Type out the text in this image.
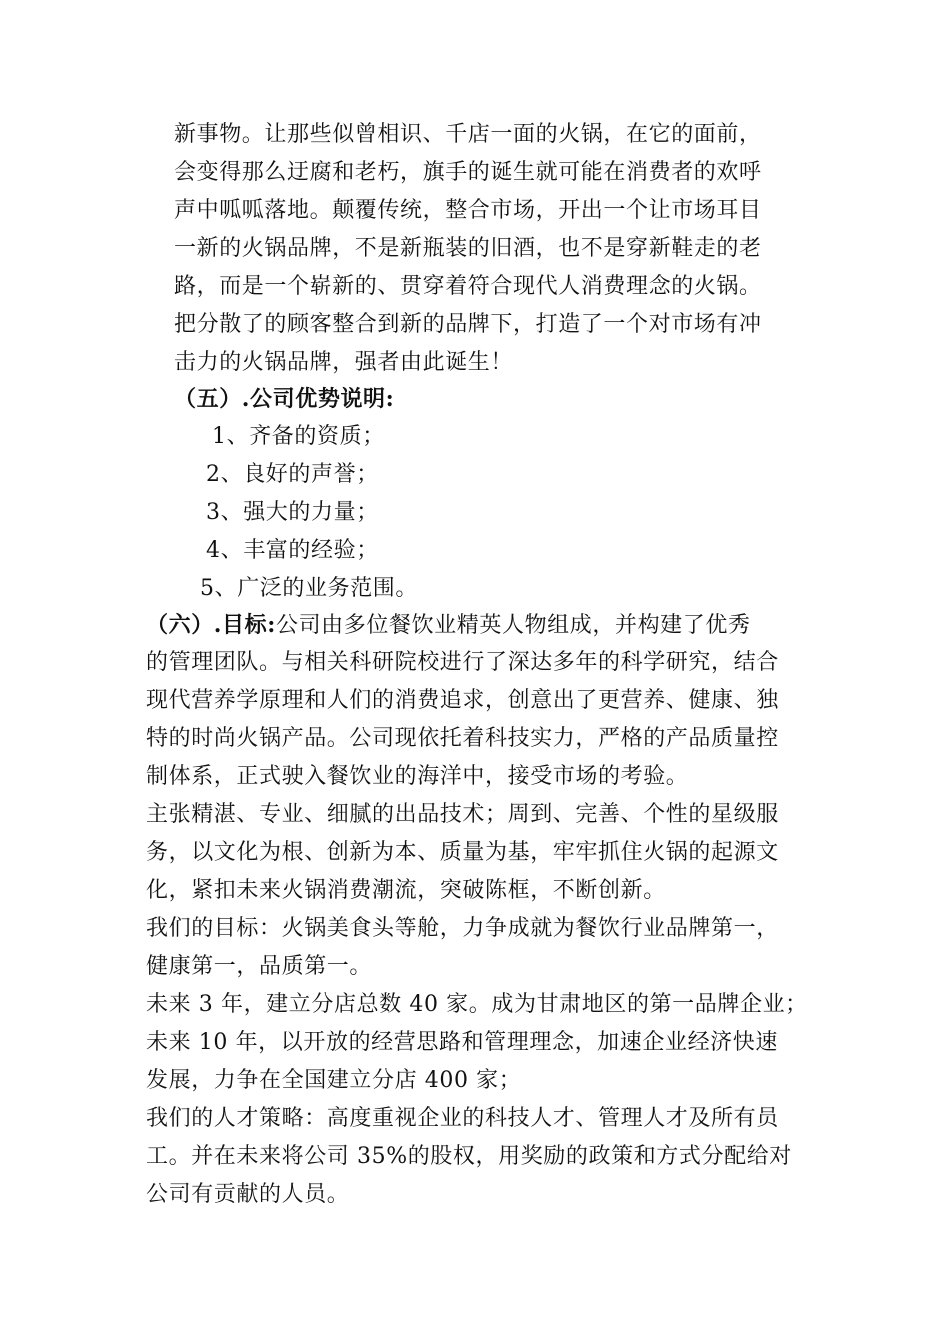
新事物。让那些似曾相识、千店一面的火锅，在它的面前，
会变得那么迂腐和老朽，旗手的诞生就可能在消费者的欢呼
声中呱呱落地。颠覆传统，整合市场，开出一个让市场耳目
一新的火锅品牌，不是新瓶装的旧酒，也不是穿新鞋走的老
路，而是一个崭新的、贯穿着符合现代人消费理念的火锅。
把分散了的顾客整合到新的品牌下，打造了一个对市场有冲
击力的火锅品牌，强者由此诞生！
（五）.公司优势说明:
1、齐备的资质；
2、良好的声誉；
3、强大的力量；
4、丰富的经验；
5、广泛的业务范围。
（六）.目标:公司由多位餐饮业精英人物组成，并构建了优秀
的管理团队。与相关科研院校进行了深达多年的科学研究，结合
现代营养学原理和人们的消费追求，创意出了更营养、健康、独
特的时尚火锅产品。公司现依托着科技实力，严格的产品质量控
制体系，正式驶入餐饮业的海洋中，接受市场的考验。
主张精湛、专业、细腻的出品技术；周到、完善、个性的星级服
务，以文化为根、创新为本、质量为基，牢牢抓住火锅的起源文
化，紧扣未来火锅消费潮流，突破陈框，不断创新。
我们的目标：火锅美食头等舱，力争成就为餐饮行业品牌第一，
健康第一，品质第一。
未来 3 年，建立分店总数 40 家。成为甘肃地区的第一品牌企业；
未来 10 年，以开放的经营思路和管理理念，加速企业经济快速
发展，力争在全国建立分店 400 家；
我们的人才策略：高度重视企业的科技人才、管理人才及所有员
工。并在未来将公司 35%的股权，用奖励的政策和方式分配给对
公司有贡献的人员。
